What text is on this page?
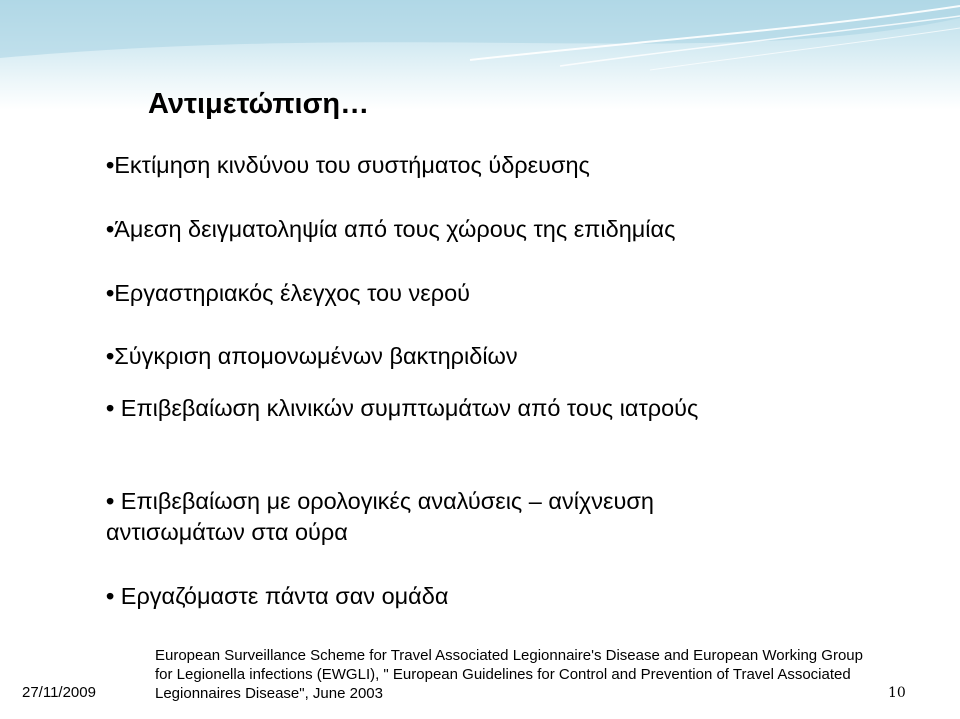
Αντιμετώπιση…
•Εκτίμηση κινδύνου του συστήματος ύδρευσης
•Άμεση δειγματοληψία από τους χώρους της επιδημίας
•Εργαστηριακός έλεγχος του νερού
•Σύγκριση απομονωμένων βακτηριδίων
• Επιβεβαίωση κλινικών συμπτωμάτων από τους ιατρούς
• Επιβεβαίωση με ορολογικές αναλύσεις – ανίχνευση αντισωμάτων στα ούρα
• Εργαζόμαστε πάντα σαν ομάδα
European Surveillance Scheme for Travel Associated Legionnaire's Disease and European Working Group for Legionella infections (EWGLI), " European Guidelines for Control and Prevention of Travel Associated Legionnaires Disease", June 2003
27/11/2009	10
